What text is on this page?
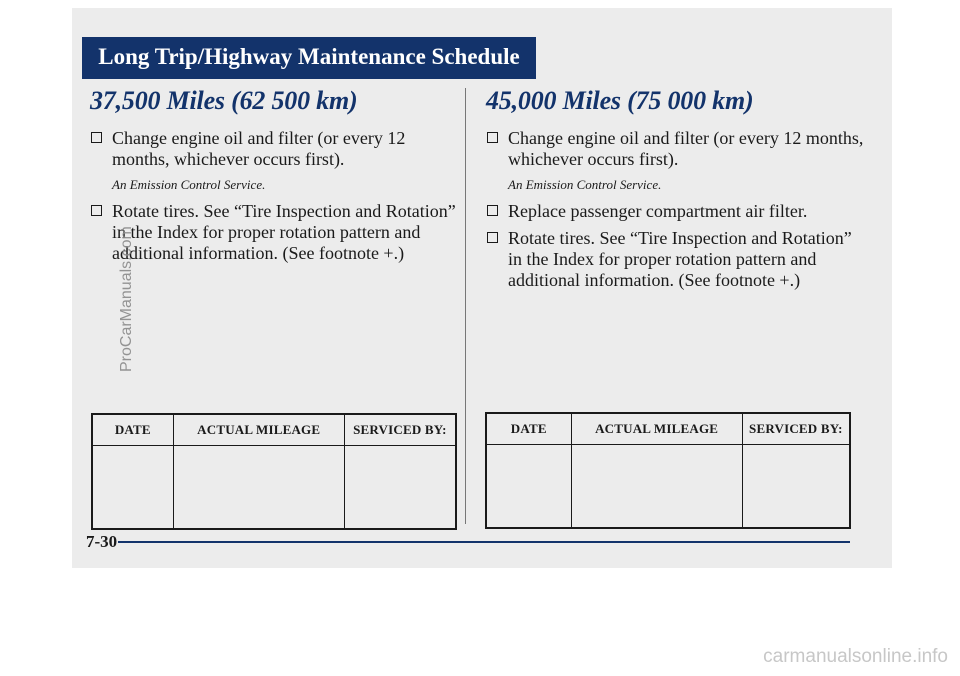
Long Trip/Highway Maintenance Schedule
37,500 Miles (62 500 km)
Change engine oil and filter (or every 12 months, whichever occurs first).
An Emission Control Service.
Rotate tires. See “Tire Inspection and Rotation” in the Index for proper rotation pattern and additional information. (See footnote +.)
45,000 Miles (75 000 km)
Change engine oil and filter (or every 12 months, whichever occurs first).
An Emission Control Service.
Replace passenger compartment air filter.
Rotate tires. See “Tire Inspection and Rotation” in the Index for proper rotation pattern and additional information. (See footnote +.)
DATE	ACTUAL MILEAGE	SERVICED BY:
			DATE	ACTUAL MILEAGE	SERVICED BY:

7-30
ProCarManuals.com
carmanualsonline.info
